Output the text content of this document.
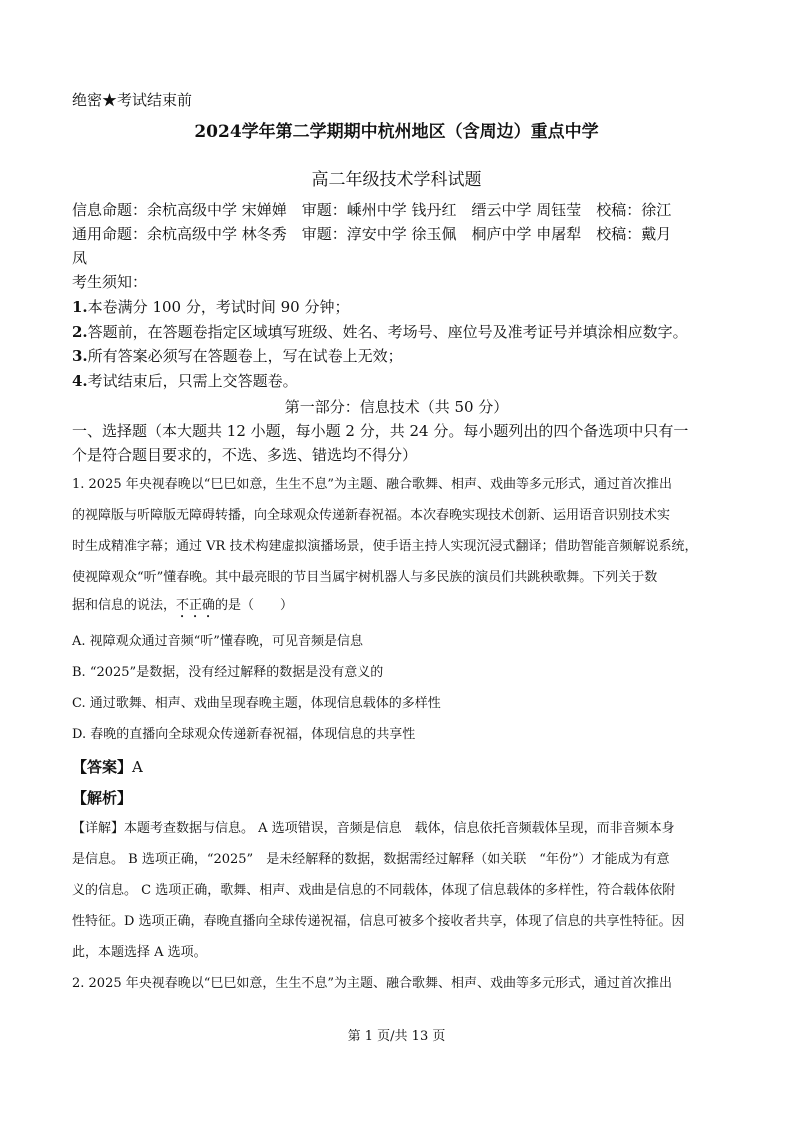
绝密★考试结束前
2024学年第二学期期中杭州地区（含周边）重点中学
高二年级技术学科试题
信息命题：余杭高级中学 宋婵婵　审题：嵊州中学 钱丹红　缙云中学 周钰莹　校稿：徐江
通用命题：余杭高级中学 林冬秀　审题：淳安中学 徐玉佩　桐庐中学 申屠犁　校稿：戴月
凤
考生须知：
1.本卷满分 100 分，考试时间 90 分钟；
2.答题前，在答题卷指定区域填写班级、姓名、考场号、座位号及准考证号并填涂相应数字。
3.所有答案必须写在答题卷上，写在试卷上无效；
4.考试结束后，只需上交答题卷。
第一部分：信息技术（共 50 分）
一、选择题（本大题共 12 小题，每小题 2 分，共 24 分。每小题列出的四个备选项中只有一
个是符合题目要求的，不选、多选、错选均不得分）
1. 2025 年央视春晚以“巳巳如意，生生不息”为主题、融合歌舞、相声、戏曲等多元形式，通过首次推出
的视障版与听障版无障碍转播，向全球观众传递新春祝福。本次春晚实现技术创新、运用语音识别技术实
时生成精准字幕；通过 VR 技术构建虚拟演播场景，使手语主持人实现沉浸式翻译；借助智能音频解说系统，
使视障观众“听”懂春晚。其中最亮眼的节目当属宇树机器人与多民族的演员们共跳秧歌舞。下列关于数
据和信息的说法，不正确的是（　　）
A. 视障观众通过音频“听”懂春晚，可见音频是信息
B. “2025”是数据，没有经过解释的数据是没有意义的
C. 通过歌舞、相声、戏曲呈现春晚主题，体现信息载体的多样性
D. 春晚的直播向全球观众传递新春祝福，体现信息的共享性
【答案】A
【解析】
【详解】本题考查数据与信息。 A 选项错误，音频是信息　载体，信息依托音频载体呈现，而非音频本身
是信息。 B 选项正确，“2025”　是未经解释的数据，数据需经过解释（如关联　“年份”）才能成为有意
义的信息。 C 选项正确，歌舞、相声、戏曲是信息的不同载体，体现了信息载体的多样性，符合载体依附
性特征。D 选项正确，春晚直播向全球传递祝福，信息可被多个接收者共享，体现了信息的共享性特征。因
此，本题选择 A 选项。
2. 2025 年央视春晚以“巳巳如意，生生不息”为主题、融合歌舞、相声、戏曲等多元形式，通过首次推出
第 1 页/共 13 页
